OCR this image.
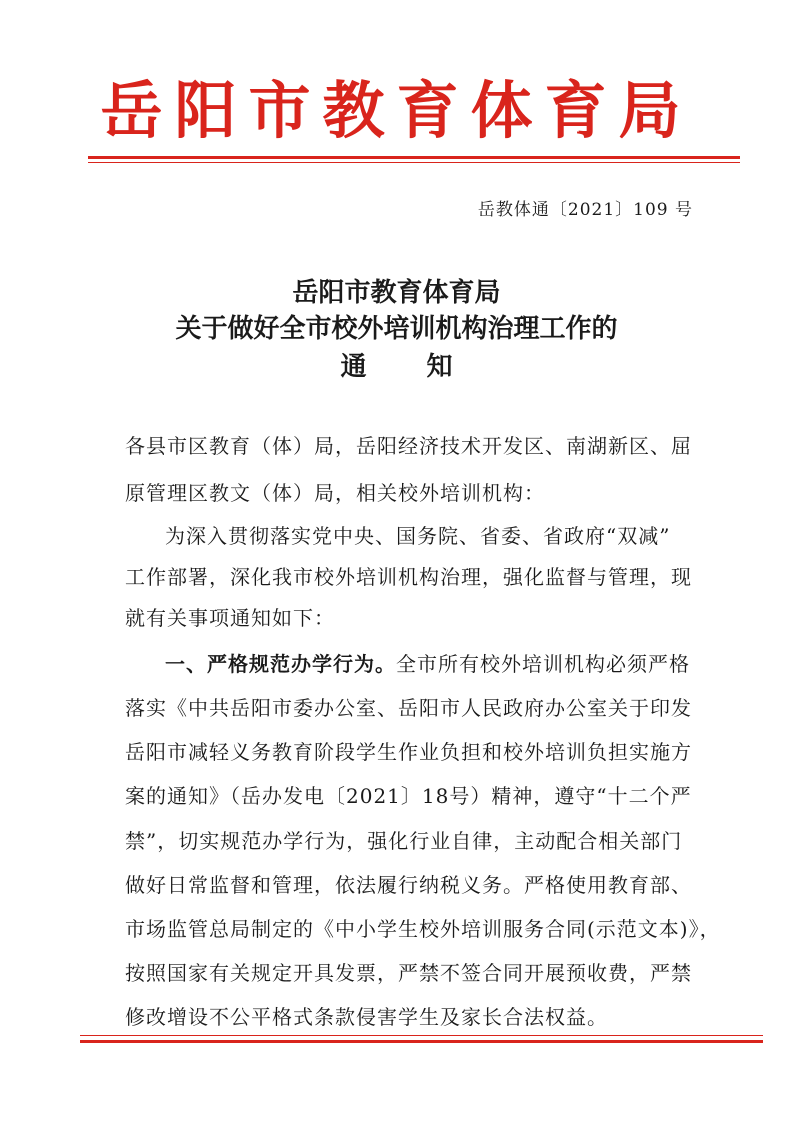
岳阳市教育体育局
岳教体通〔2021〕109 号
岳阳市教育体育局
关于做好全市校外培训机构治理工作的
通 知
各县市区教育（体）局，岳阳经济技术开发区、南湖新区、屈
原管理区教文（体）局，相关校外培训机构：
为深入贯彻落实党中央、国务院、省委、省政府“双减”
工作部署，深化我市校外培训机构治理，强化监督与管理，现
就有关事项通知如下：
一、严格规范办学行为。全市所有校外培训机构必须严格
落实《中共岳阳市委办公室、岳阳市人民政府办公室关于印发
岳阳市减轻义务教育阶段学生作业负担和校外培训负担实施方
案的通知》（岳办发电〔2021〕18号）精神，遵守“十二个严
禁”，切实规范办学行为，强化行业自律，主动配合相关部门
做好日常监督和管理，依法履行纳税义务。严格使用教育部、
市场监管总局制定的《中小学生校外培训服务合同(示范文本)》，
按照国家有关规定开具发票，严禁不签合同开展预收费，严禁
修改增设不公平格式条款侵害学生及家长合法权益。
